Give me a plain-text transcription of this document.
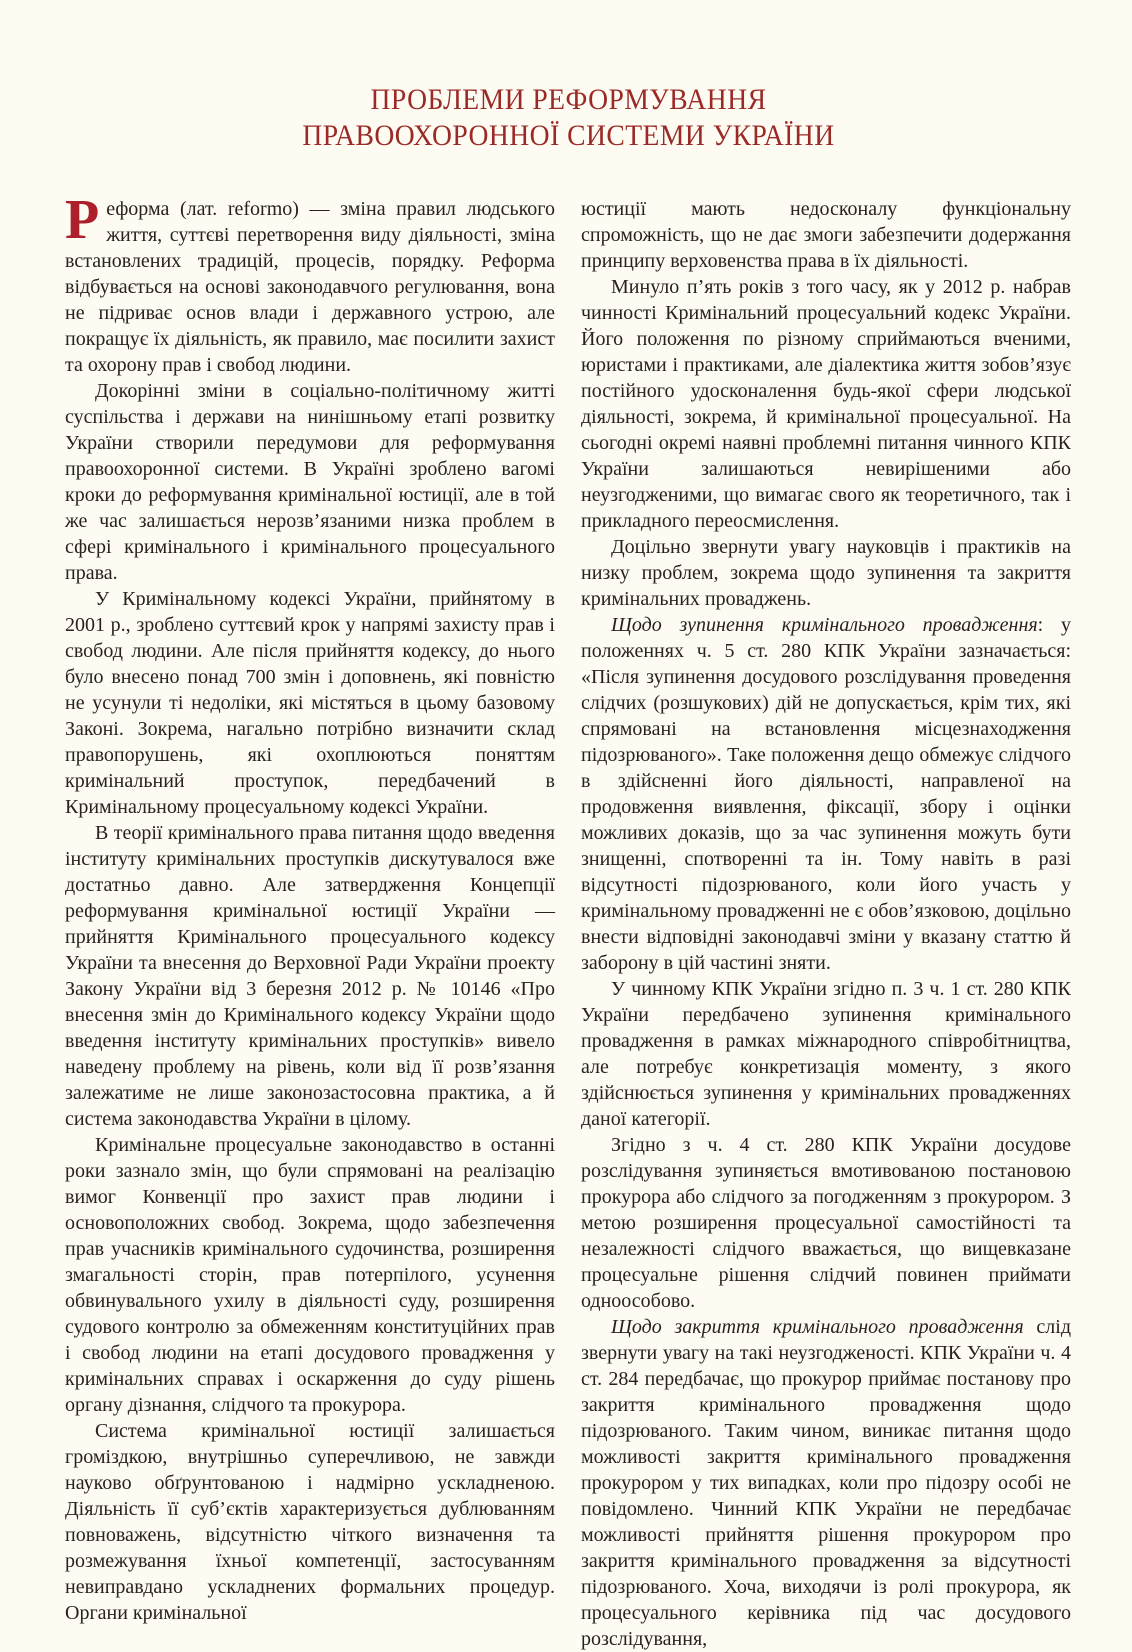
ПРОБЛЕМИ РЕФОРМУВАННЯ
ПРАВООХОРОННОЇ СИСТЕМИ УКРАЇНИ

Реформа (лат. reformo) — зміна правил людського життя, суттєві перетворення виду діяльності, зміна встановлених традицій, процесів, порядку. Реформа відбувається на основі законодавчого регулювання, вона не підриває основ влади і державного устрою, але покращує їх діяльність, як правило, має посилити захист та охорону прав і свобод людини.

Докорінні зміни в соціально-політичному житті суспільства і держави на нинішньому етапі розвитку України створили передумови для реформування правоохоронної системи. В Україні зроблено вагомі кроки до реформування кримінальної юстиції, але в той же час залишається нерозв’язаними низка проблем в сфері кримінального і кримінального процесуального права.

У Кримінальному кодексі України, прийнятому в 2001 р., зроблено суттєвий крок у напрямі захисту прав і свобод людини. Але після прийняття кодексу, до нього було внесено понад 700 змін і доповнень, які повністю не усунули ті недоліки, які містяться в цьому базовому Законі. Зокрема, нагально потрібно визначити склад правопорушень, які охоплюються поняттям кримінальний проступок, передбачений в Кримінальному процесуальному кодексі України.

В теорії кримінального права питання щодо введення інституту кримінальних проступків дискутувалося вже достатньо давно. Але затвердження Концепції реформування кримінальної юстиції України — прийняття Кримінального процесуального кодексу України та внесення до Верховної Ради України проекту Закону України від 3 березня 2012 р. № 10146 «Про внесення змін до Кримінального кодексу України щодо введення інституту кримінальних проступків» вивело наведену проблему на рівень, коли від її розв’язання залежатиме не лише законозастосовна практика, а й система законодавства України в цілому.

Кримінальне процесуальне законодавство в останні роки зазнало змін, що були спрямовані на реалізацію вимог Конвенції про захист прав людини і основоположних свобод. Зокрема, щодо забезпечення прав учасників кримінального судочинства, розширення змагальності сторін, прав потерпілого, усунення обвинувального ухилу в діяльності суду, розширення судового контролю за обмеженням конституційних прав і свобод людини на етапі досудового провадження у кримінальних справах і оскарження до суду рішень органу дізнання, слідчого та прокурора.

Система кримінальної юстиції залишається громіздкою, внутрішньо суперечливою, не завжди науково обґрунтованою і надмірно ускладненою. Діяльність її суб’єктів характеризується дублюванням повноважень, відсутністю чіткого визначення та розмежування їхньої компетенції, застосуванням невиправдано ускладнених формальних процедур. Органи кримінальної

юстиції мають недосконалу функціональну спроможність, що не дає змоги забезпечити додержання принципу верховенства права в їх діяльності.

Минуло п’ять років з того часу, як у 2012 р. набрав чинності Кримінальний процесуальний кодекс України. Його положення по різному сприймаються вченими, юристами і практиками, але діалектика життя зобов’язує постійного удосконалення будь-якої сфери людської діяльності, зокрема, й кримінальної процесуальної. На сьогодні окремі наявні проблемні питання чинного КПК України залишаються невирішеними або неузгодженими, що вимагає свого як теоретичного, так і прикладного переосмислення.

Доцільно звернути увагу науковців і практиків на низку проблем, зокрема щодо зупинення та закриття кримінальних проваджень.

Щодо зупинення кримінального провадження: у положеннях ч. 5 ст. 280 КПК України зазначається: «Після зупинення досудового розслідування проведення слідчих (розшукових) дій не допускається, крім тих, які спрямовані на встановлення місцезнаходження підозрюваного». Таке положення дещо обмежує слідчого в здійсненні його діяльності, направленої на продовження виявлення, фіксації, збору і оцінки можливих доказів, що за час зупинення можуть бути знищенні, спотворенні та ін. Тому навіть в разі відсутності підозрюваного, коли його участь у кримінальному провадженні не є обов’язковою, доцільно внести відповідні законодавчі зміни у вказану статтю й заборону в цій частині зняти.

У чинному КПК України згідно п. 3 ч. 1 ст. 280 КПК України передбачено зупинення кримінального провадження в рамках міжнародного співробітництва, але потребує конкретизація моменту, з якого здійснюється зупинення у кримінальних провадженнях даної категорії.

Згідно з ч. 4 ст. 280 КПК України досудове розслідування зупиняється вмотивованою постановою прокурора або слідчого за погодженням з прокурором. З метою розширення процесуальної самостійності та незалежності слідчого вважається, що вищевказане процесуальне рішення слідчий повинен приймати одноособово.

Щодо закриття кримінального провадження слід звернути увагу на такі неузгодженості. КПК України ч. 4 ст. 284 передбачає, що прокурор приймає постанову про закриття кримінального провадження щодо підозрюваного. Таким чином, виникає питання щодо можливості закриття кримінального провадження прокурором у тих випадках, коли про підозру особі не повідомлено. Чинний КПК України не передбачає можливості прийняття рішення прокурором про закриття кримінального провадження за відсутності підозрюваного. Хоча, виходячи із ролі прокурора, як процесуального керівника під час досудового розслідування,
